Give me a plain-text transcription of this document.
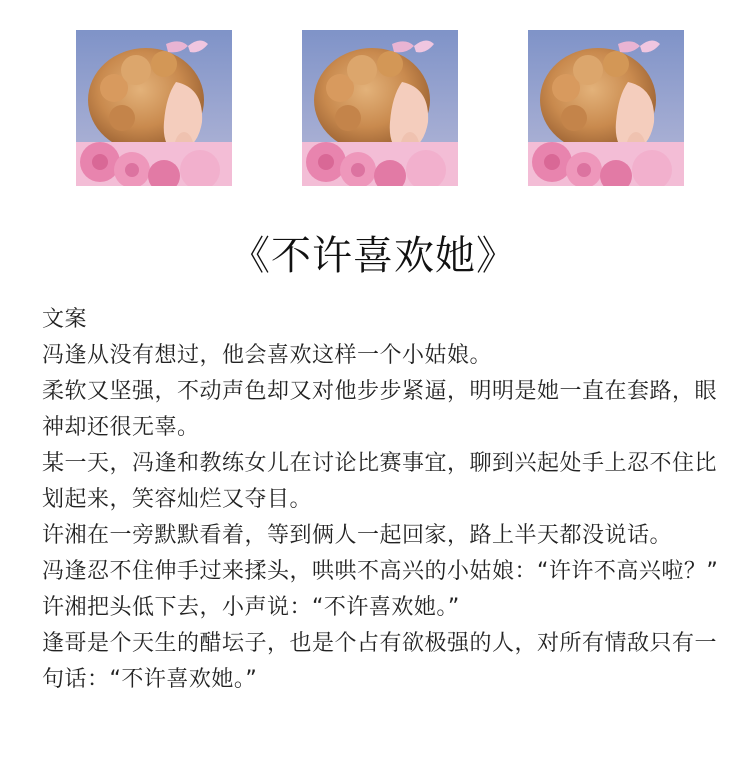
《不许喜欢她》

文案

冯逢从没有想过，他会喜欢这样一个小姑娘。

柔软又坚强，不动声色却又对他步步紧逼，明明是她一直在套路，眼神却还很无辜。

某一天，冯逢和教练女儿在讨论比赛事宜，聊到兴起处手上忍不住比划起来，笑容灿烂又夺目。

许湘在一旁默默看着，等到俩人一起回家，路上半天都没说话。

冯逢忍不住伸手过来揉头，哄哄不高兴的小姑娘：“许许不高兴啦？”

许湘把头低下去，小声说：“不许喜欢她。”

逢哥是个天生的醋坛子，也是个占有欲极强的人，对所有情敌只有一句话：“不许喜欢她。”
